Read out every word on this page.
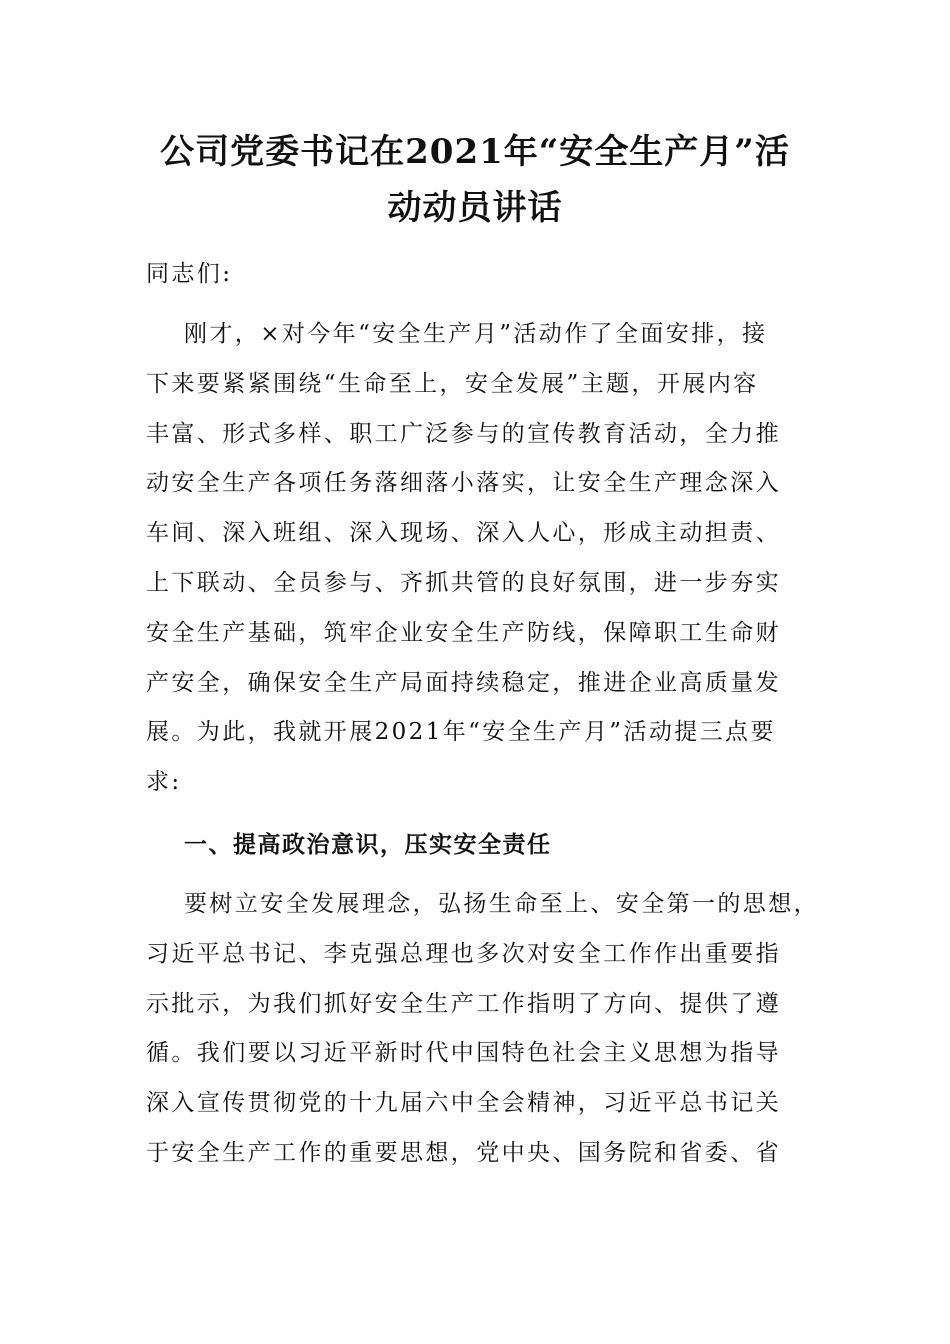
公司党委书记在2021年“安全生产月”活
动动员讲话

同志们:

刚才，×对今年“安全生产月”活动作了全面安排，接
下来要紧紧围绕“生命至上，安全发展”主题，开展内容
丰富、形式多样、职工广泛参与的宣传教育活动，全力推
动安全生产各项任务落细落小落实，让安全生产理念深入
车间、深入班组、深入现场、深入人心，形成主动担责、
上下联动、全员参与、齐抓共管的良好氛围，进一步夯实
安全生产基础，筑牢企业安全生产防线，保障职工生命财
产安全，确保安全生产局面持续稳定，推进企业高质量发
展。为此，我就开展2021年“安全生产月”活动提三点要
求:
一、提高政治意识，压实安全责任
要树立安全发展理念，弘扬生命至上、安全第一的思想，
习近平总书记、李克强总理也多次对安全工作作出重要指
示批示，为我们抓好安全生产工作指明了方向、提供了遵
循。我们要以习近平新时代中国特色社会主义思想为指导
深入宣传贯彻党的十九届六中全会精神，习近平总书记关
于安全生产工作的重要思想，党中央、国务院和省委、省
